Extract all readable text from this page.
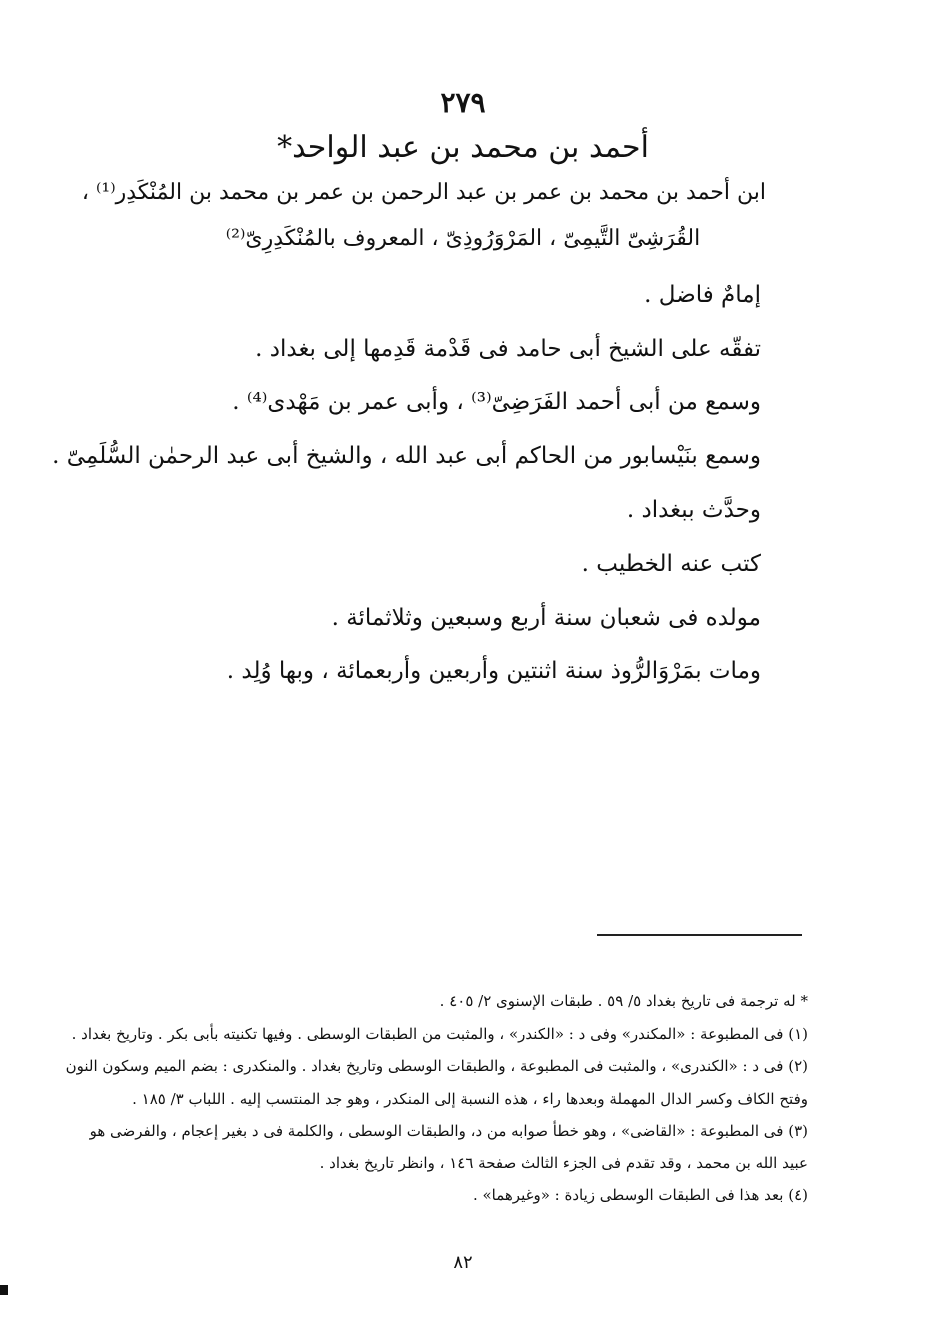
٢٧٩
أحمد بن محمد بن عبد الواحد*
ابن أحمد بن محمد بن عمر بن عبد الرحمن بن عمر بن محمد بن المُنْكَدِر⁽¹⁾ ،
القُرَشِىّ التَّيمِىّ ، المَرْوَرُوذِىّ ، المعروف بالمُنْكَدِرِىّ⁽²⁾
إمامٌ فاضل .
تفقّه على الشيخ أبى حامد فى قَدْمة قَدِمها إلى بغداد .
وسمع من أبى أحمد الفَرَضِىّ⁽³⁾ ، وأبى عمر بن مَهْدى⁽⁴⁾ .
وسمع بنَيْسابور من الحاكم أبى عبد الله ، والشيخ أبى عبد الرحمٰن السُّلَمِىّ .
وحدَّث ببغداد .
كتب عنه الخطيب .
مولده فى شعبان سنة أربع وسبعين وثلاثمائة .
ومات بمَرْوَالرُّوذ سنة اثنتين وأربعين وأربعمائة ، وبها وُلِد .
* له ترجمة فى تاريخ بغداد ٥/ ٥٩ . طبقات الإسنوى ٢/ ٤٠٥ .
(١) فى المطبوعة : «المكندر» وفى د : «الكندر» ، والمثبت من الطبقات الوسطى . وفيها تكنيته بأبى بكر . وتاريخ بغداد .
(٢) فى د : «الكندرى» ، والمثبت فى المطبوعة ، والطبقات الوسطى وتاريخ بغداد . والمنكدرى : بضم الميم وسكون النون
وفتح الكاف وكسر الدال المهملة وبعدها راء ، هذه النسبة إلى المنكدر ، وهو جد المنتسب إليه . اللباب ٣/ ١٨٥ .
(٣) فى المطبوعة : «القاضى» ، وهو خطأ صوابه من د، والطبقات الوسطى ، والكلمة فى د بغير إعجام ، والفرضى هو
عبيد الله بن محمد ، وقد تقدم فى الجزء الثالث صفحة ١٤٦ ، وانظر تاريخ بغداد .
(٤) بعد هذا فى الطبقات الوسطى زيادة : «وغيرهما» .
٨٢
